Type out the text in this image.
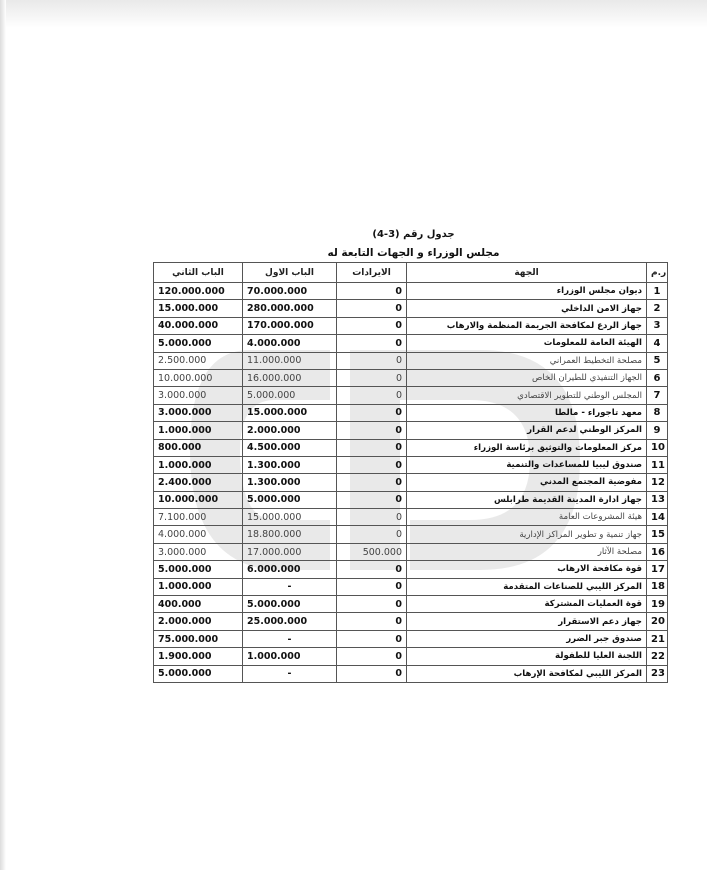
جدول رقم (3-4)
مجلس الوزراء و الجهات التابعة له
الباب الثاني	الباب الاول	الايرادات	الجهة	ر.م
120.000.000	70.000.000	0	ديوان مجلس الوزراء	1
15.000.000	280.000.000	0	جهاز الامن الداخلي	2
40.000.000	170.000.000	0	جهاز الردع لمكافحة الجريمة المنظمة والارهاب	3
5.000.000	4.000.000	0	الهيئة العامة للمعلومات	4
2.500.000	11.000.000	0	مصلحة التخطيط العمراني	5
10.000.000	16.000.000	0	الجهاز التنفيذي للطيران الخاص	6
3.000.000	5.000.000	0	المجلس الوطني للتطوير الاقتصادي	7
3.000.000	15.000.000	0	معهد تاجوراء - مالطا	8
1.000.000	2.000.000	0	المركز الوطني لدعم القرار	9
800.000	4.500.000	0	مركز المعلومات والتوثيق برئاسة الوزراء	10
1.000.000	1.300.000	0	صندوق ليبيا للمساعدات والتنمية	11
2.400.000	1.300.000	0	مفوضية المجتمع المدني	12
10.000.000	5.000.000	0	جهاز ادارة المدينة القديمة طرابلس	13
7.100.000	15.000.000	0	هيئة المشروعات العامة	14
4.000.000	18.800.000	0	جهاز تنمية و تطوير المراكز الإدارية	15
3.000.000	17.000.000	500.000	مصلحة الآثار	16
5.000.000	6.000.000	0	قوة مكافحة الارهاب	17
1.000.000	-	0	المركز الليبي للصناعات المتقدمة	18
400.000	5.000.000	0	قوة العمليات المشتركة	19
2.000.000	25.000.000	0	جهاز دعم الاستقرار	20
75.000.000	-	0	صندوق جبر الضرر	21
1.900.000	1.000.000	0	اللجنة العليا للطفولة	22
5.000.000	-	0	المركز الليبي لمكافحة الإرهاب	23
